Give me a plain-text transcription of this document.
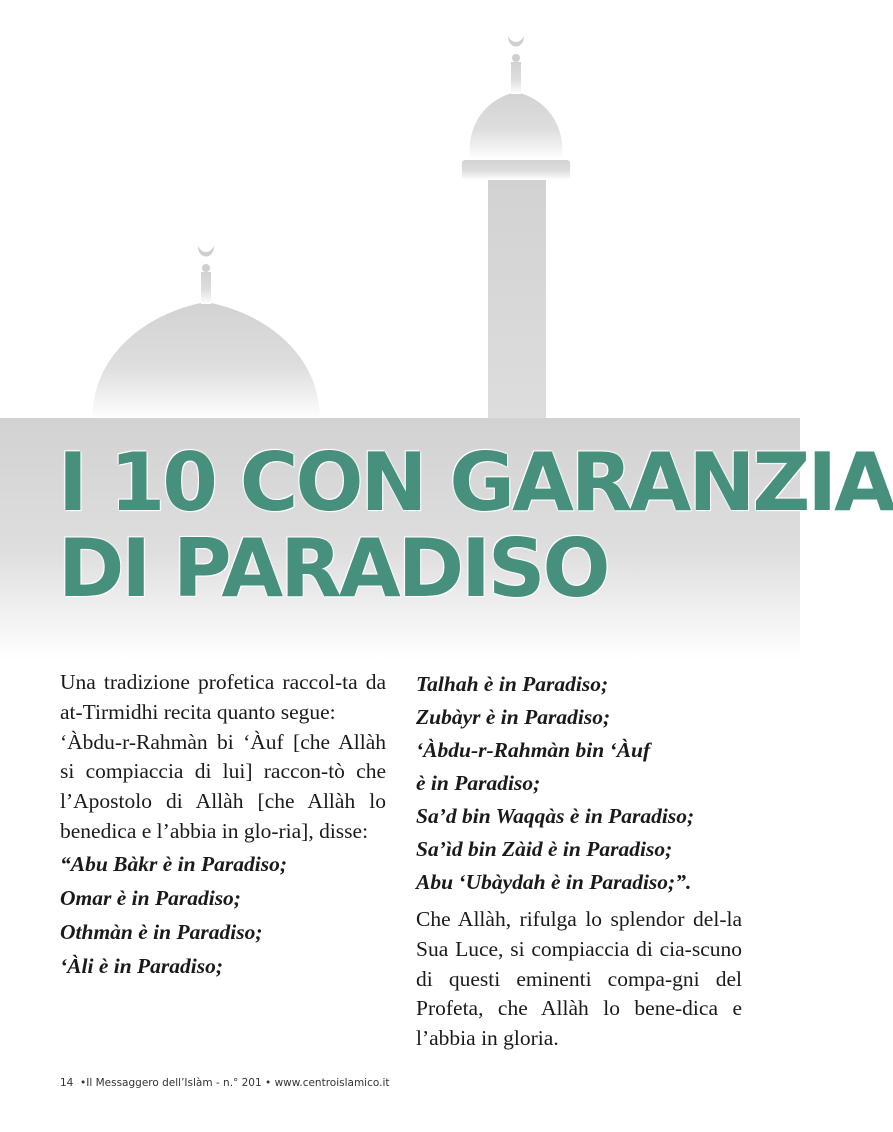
I 10 CON GARANZIA
DI PARADISO

Una tradizione profetica raccol-ta da at-Tirmidhi recita quanto segue:

‘Àbdu-r-Rahmàn bi ‘Àuf [che Allàh si compiaccia di lui] raccon-tò che l’Apostolo di Allàh [che Allàh lo benedica e l’abbia in glo-ria], disse:

“Abu Bàkr è in Paradiso;

Omar è in Paradiso;

Othmàn è in Paradiso;

‘Àli è in Paradiso;

Talhah è in Paradiso;

Zubàyr è in Paradiso;

‘Àbdu-r-Rahmàn bin ‘Àuf

è in Paradiso;

Sa’d bin Waqqàs è in Paradiso;

Sa’ìd bin Zàid è in Paradiso;

Abu ‘Ubàydah è in Paradiso;”.

Che Allàh, rifulga lo splendor del-la Sua Luce, si compiaccia di cia-scuno di questi eminenti compa-gni del Profeta, che Allàh lo bene-dica e l’abbia in gloria.

14  •Il Messaggero dell’Islàm - n.° 201 • www.centroislamico.it
